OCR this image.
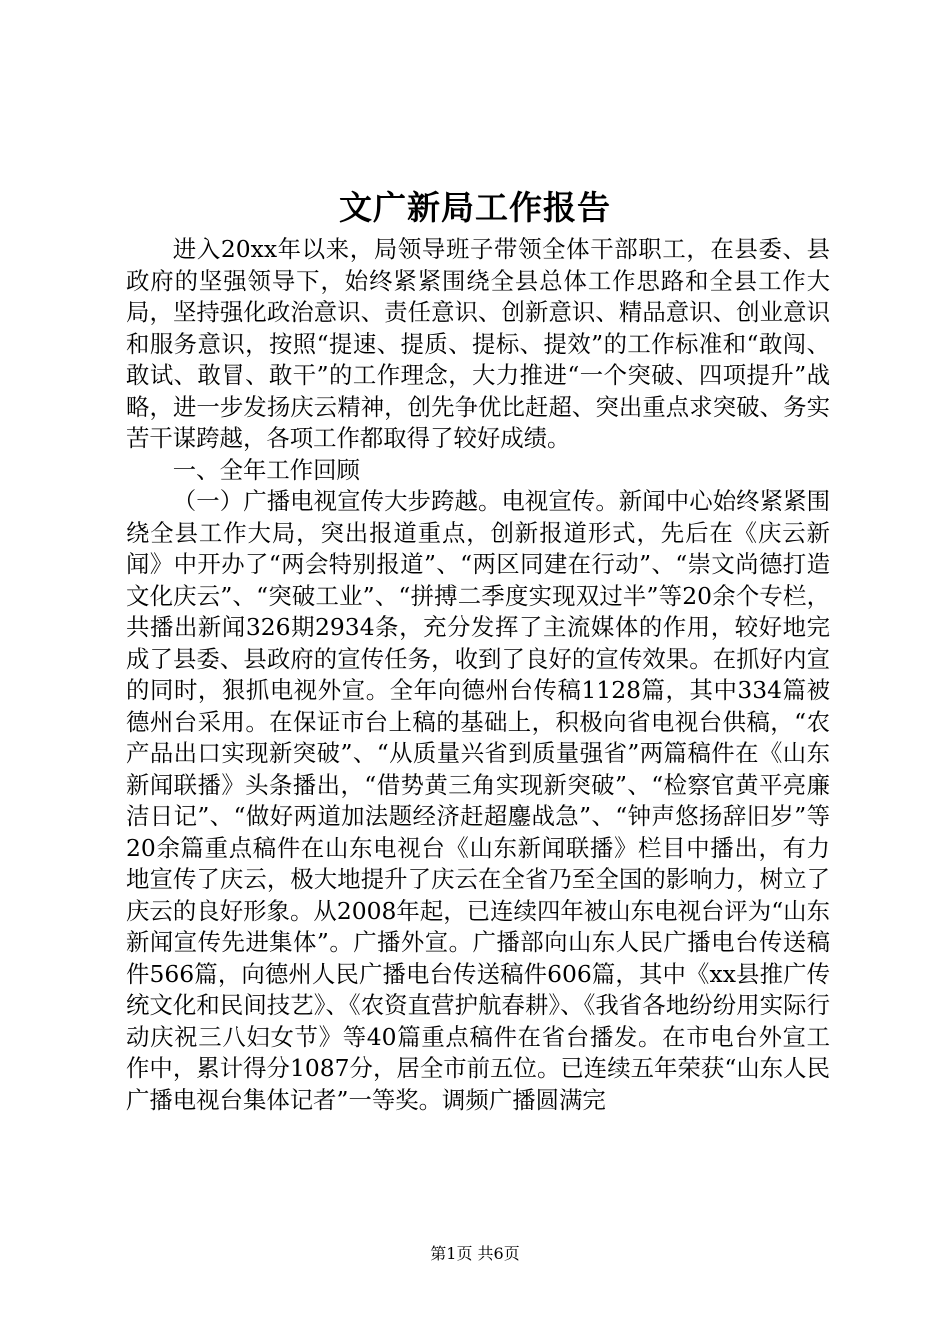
文广新局工作报告

进入20xx年以来，局领导班子带领全体干部职工，在县委、县政府的坚强领导下，始终紧紧围绕全县总体工作思路和全县工作大局，坚持强化政治意识、责任意识、创新意识、精品意识、创业意识和服务意识，按照“提速、提质、提标、提效”的工作标准和“敢闯、敢试、敢冒、敢干”的工作理念，大力推进“一个突破、四项提升”战略，进一步发扬庆云精神，创先争优比赶超、突出重点求突破、务实苦干谋跨越，各项工作都取得了较好成绩。

一、全年工作回顾

（一）广播电视宣传大步跨越。电视宣传。新闻中心始终紧紧围绕全县工作大局，突出报道重点，创新报道形式，先后在《庆云新闻》中开办了“两会特别报道”、“两区同建在行动”、“崇文尚德打造文化庆云”、“突破工业”、“拼搏二季度实现双过半”等20余个专栏，共播出新闻326期2934条，充分发挥了主流媒体的作用，较好地完成了县委、县政府的宣传任务，收到了良好的宣传效果。在抓好内宣的同时，狠抓电视外宣。全年向德州台传稿1128篇，其中334篇被德州台采用。在保证市台上稿的基础上，积极向省电视台供稿，“农产品出口实现新突破”、“从质量兴省到质量强省”两篇稿件在《山东新闻联播》头条播出，“借势黄三角实现新突破”、“检察官黄平亮廉洁日记”、“做好两道加法题经济赶超鏖战急”、“钟声悠扬辞旧岁”等20余篇重点稿件在山东电视台《山东新闻联播》栏目中播出，有力地宣传了庆云，极大地提升了庆云在全省乃至全国的影响力，树立了庆云的良好形象。从2008年起，已连续四年被山东电视台评为“山东新闻宣传先进集体”。广播外宣。广播部向山东人民广播电台传送稿件566篇，向德州人民广播电台传送稿件606篇，其中《xx县推广传统文化和民间技艺》、《农资直营护航春耕》、《我省各地纷纷用实际行动庆祝三八妇女节》等40篇重点稿件在省台播发。在市电台外宣工作中，累计得分1087分，居全市前五位。已连续五年荣获“山东人民广播电视台集体记者”一等奖。调频广播圆满完

第1页 共6页
